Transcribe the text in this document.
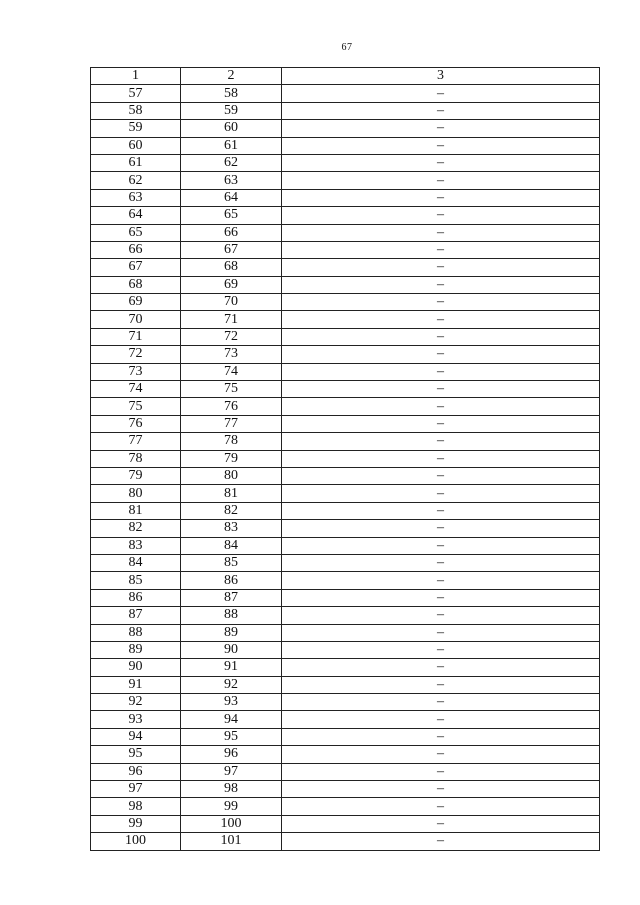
67
1	2	3
57	58	–
58	59	–
59	60	–
60	61	–
61	62	–
62	63	–
63	64	–
64	65	–
65	66	–
66	67	–
67	68	–
68	69	–
69	70	–
70	71	–
71	72	–
72	73	–
73	74	–
74	75	–
75	76	–
76	77	–
77	78	–
78	79	–
79	80	–
80	81	–
81	82	–
82	83	–
83	84	–
84	85	–
85	86	–
86	87	–
87	88	–
88	89	–
89	90	–
90	91	–
91	92	–
92	93	–
93	94	–
94	95	–
95	96	–
96	97	–
97	98	–
98	99	–
99	100	–
100	101	–
